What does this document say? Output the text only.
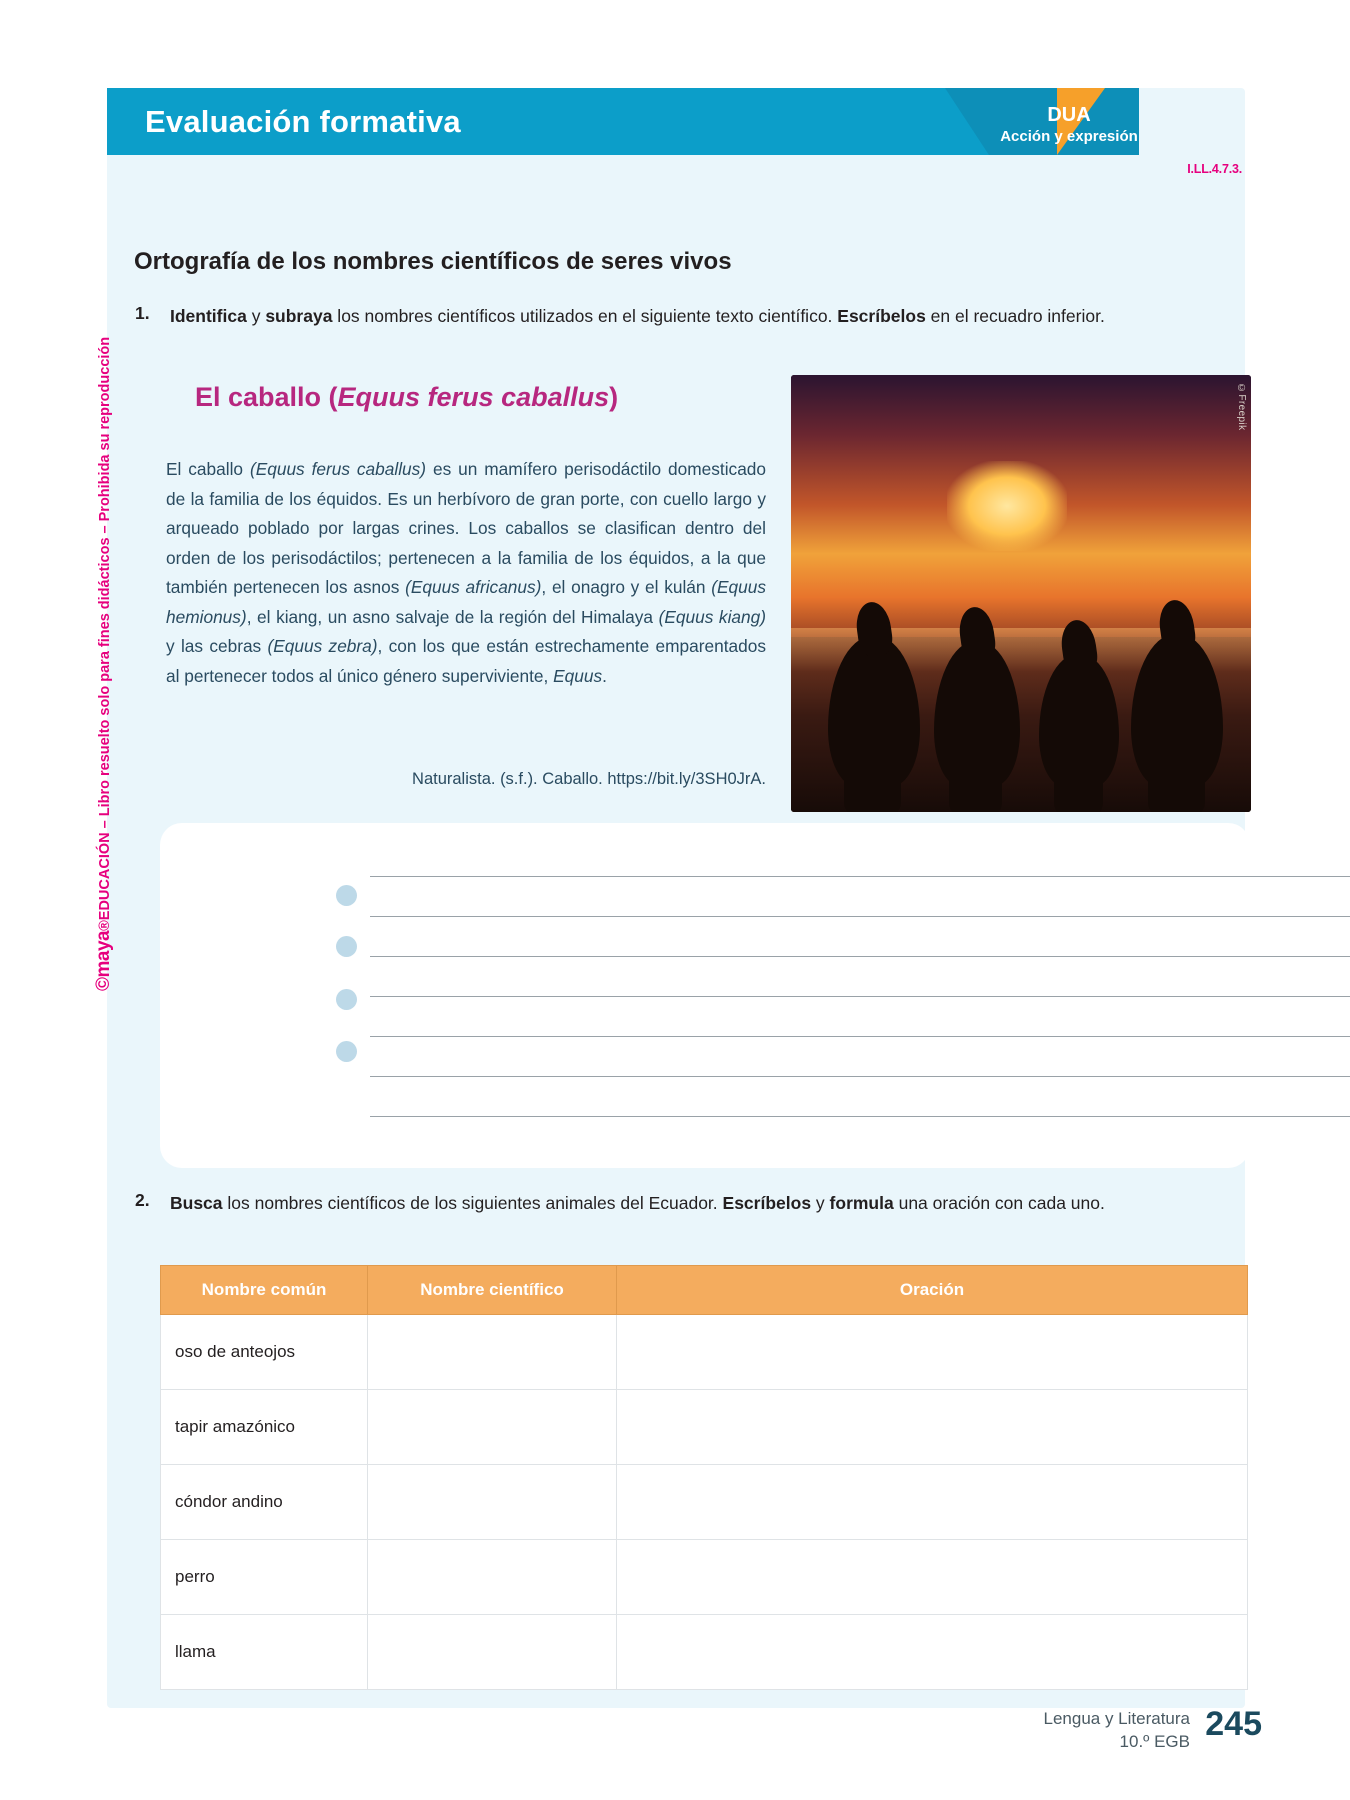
Evaluación formativa	DUA
Acción y expresión
I.LL.4.7.3.
©maya®EDUCACIÓN – Libro resuelto solo para fines didácticos – Prohibida su reproducción
Ortografía de los nombres científicos de seres vivos
1. Identifica y subraya los nombres científicos utilizados en el siguiente texto científico. Escríbelos en el recuadro inferior.
El caballo (Equus ferus caballus)
El caballo (Equus ferus caballus) es un mamífero perisodáctilo domesticado de la familia de los équidos. Es un herbívoro de gran porte, con cuello largo y arqueado poblado por largas crines. Los caballos se clasifican dentro del orden de los perisodáctilos; pertenecen a la familia de los équidos, a la que también pertenecen los asnos (Equus africanus), el onagro y el kulán (Equus hemionus), el kiang, un asno salvaje de la región del Himalaya (Equus kiang) y las cebras (Equus zebra), con los que están estrechamente emparentados al pertenecer todos al único género superviviente, Equus.
Naturalista. (s.f.). Caballo. https://bit.ly/3SH0JrA.
©Freepik
2. Busca los nombres científicos de los siguientes animales del Ecuador. Escríbelos y formula una oración con cada uno.
Nombre común	Nombre científico	Oración
oso de anteojos		
tapir amazónico		
cóndor andino		
perro		
llama		
Lengua y Literatura
10.º EGB 245
